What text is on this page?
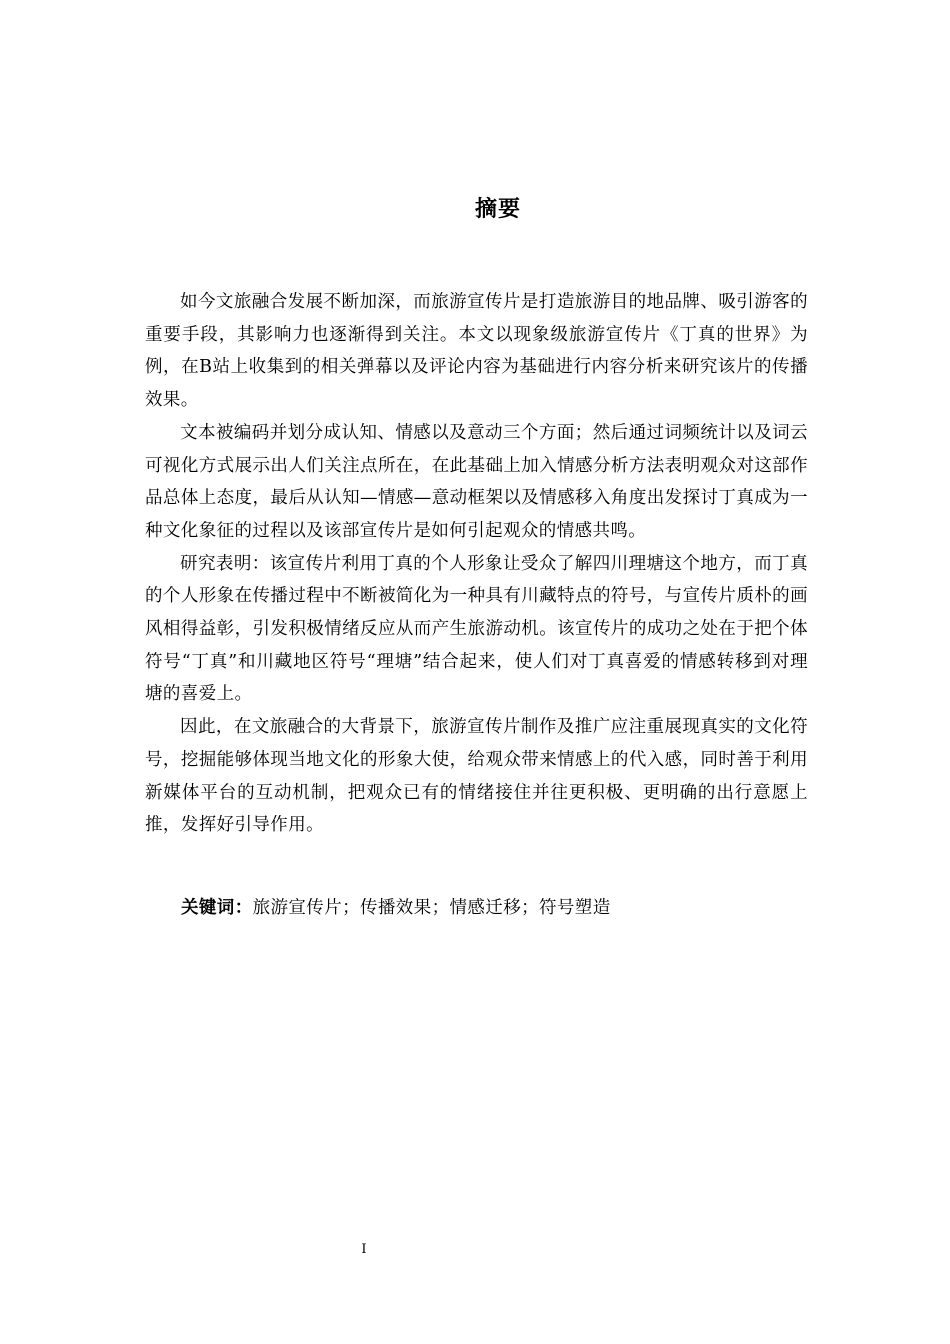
摘要

如今文旅融合发展不断加深，而旅游宣传片是打造旅游目的地品牌、吸引游客的重要手段，其影响力也逐渐得到关注。本文以现象级旅游宣传片《丁真的世界》为例，在B站上收集到的相关弹幕以及评论内容为基础进行内容分析来研究该片的传播效果。

文本被编码并划分成认知、情感以及意动三个方面；然后通过词频统计以及词云可视化方式展示出人们关注点所在，在此基础上加入情感分析方法表明观众对这部作品总体上态度，最后从认知—情感—意动框架以及情感移入角度出发探讨丁真成为一种文化象征的过程以及该部宣传片是如何引起观众的情感共鸣。

研究表明：该宣传片利用丁真的个人形象让受众了解四川理塘这个地方，而丁真的个人形象在传播过程中不断被简化为一种具有川藏特点的符号，与宣传片质朴的画风相得益彰，引发积极情绪反应从而产生旅游动机。该宣传片的成功之处在于把个体符号“丁真”和川藏地区符号“理塘”结合起来，使人们对丁真喜爱的情感转移到对理塘的喜爱上。

因此，在文旅融合的大背景下，旅游宣传片制作及推广应注重展现真实的文化符号，挖掘能够体现当地文化的形象大使，给观众带来情感上的代入感，同时善于利用新媒体平台的互动机制，把观众已有的情绪接住并往更积极、更明确的出行意愿上推，发挥好引导作用。

关键词：旅游宣传片；传播效果；情感迁移；符号塑造
I
